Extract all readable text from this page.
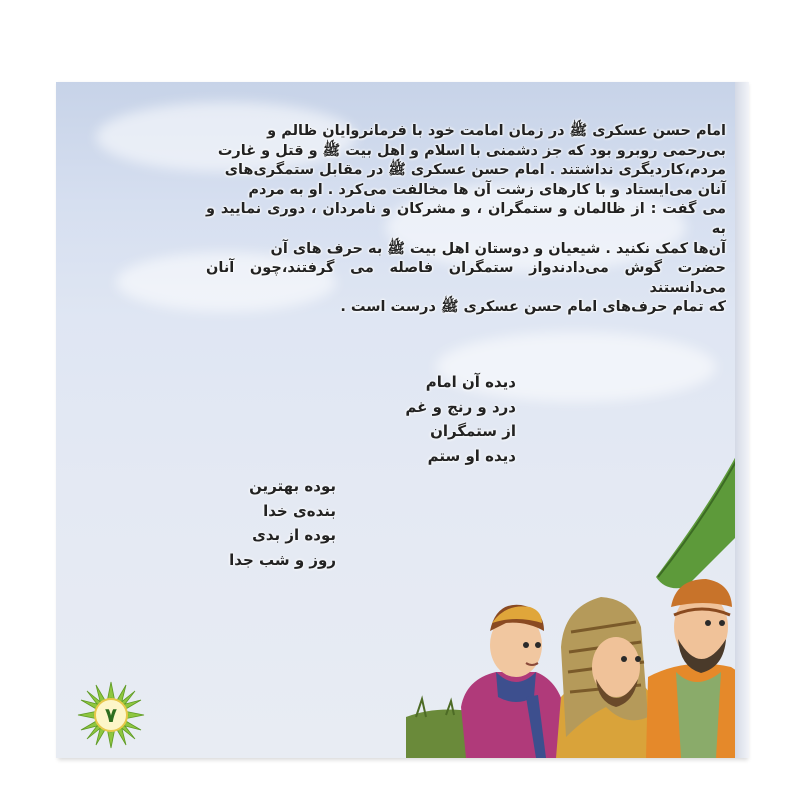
امام حسن عسکری ﷺ در زمان امامت خود با فرمانروایان ظالم و

بی‌رحمی روبرو بود که جز دشمنی با اسلام و اهل بیت ﷺ و قتل و غارت

مردم،کاردیگری نداشتند . امام حسن عسکری ﷺ در مقابل ستمگری‌های

آنان می‌ایستاد و با کارهای زشت آن ها مخالفت می‌کرد . او به مردم

می گفت : از ظالمان و ستمگران ، و مشرکان و نامردان ، دوری نمایید و به

آن‌ها کمک نکنید . شیعیان و دوستان اهل بیت ﷺ به حرف های آن

حضرت گوش می‌دادندواز ستمگران فاصله می گرفتند،چون آنان می‌دانستند

که تمام حرف‌های امام حسن عسکری ﷺ درست است .

دیده آن امام
درد و رنج و غم
از ستمگران
دیده او ستم
بوده بهترین
بنده‌ی خدا
بوده از بدی
روز و شب جدا
۷
